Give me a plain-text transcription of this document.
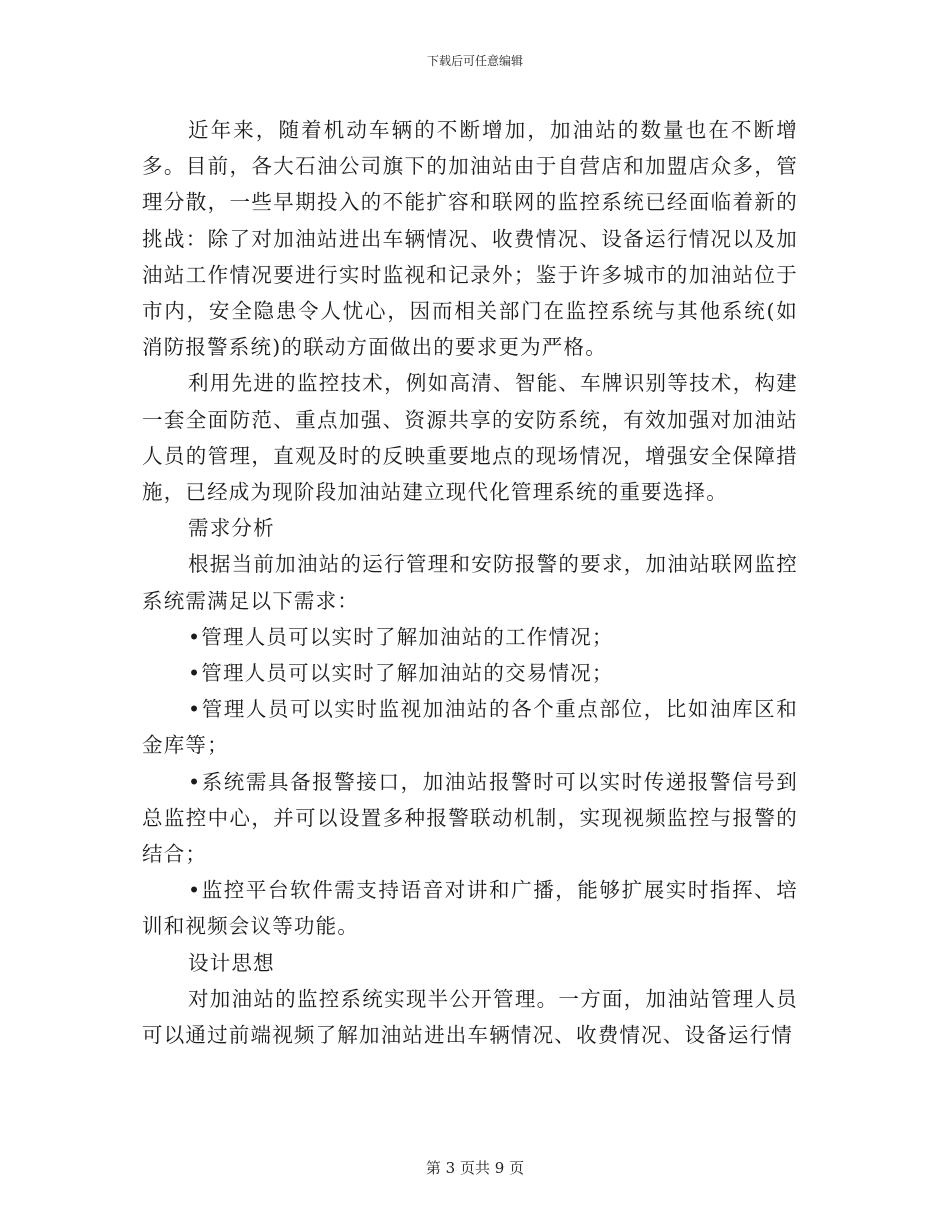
下载后可任意编辑

近年来，随着机动车辆的不断增加，加油站的数量也在不断增多。目前，各大石油公司旗下的加油站由于自营店和加盟店众多，管理分散，一些早期投入的不能扩容和联网的监控系统已经面临着新的挑战：除了对加油站进出车辆情况、收费情况、设备运行情况以及加油站工作情况要进行实时监视和记录外；鉴于许多城市的加油站位于市内，安全隐患令人忧心，因而相关部门在监控系统与其他系统(如消防报警系统)的联动方面做出的要求更为严格。

利用先进的监控技术，例如高清、智能、车牌识别等技术，构建一套全面防范、重点加强、资源共享的安防系统，有效加强对加油站人员的管理，直观及时的反映重要地点的现场情况，增强安全保障措施，已经成为现阶段加油站建立现代化管理系统的重要选择。

需求分析

根据当前加油站的运行管理和安防报警的要求，加油站联网监控系统需满足以下需求：

•管理人员可以实时了解加油站的工作情况；

•管理人员可以实时了解加油站的交易情况；

•管理人员可以实时监视加油站的各个重点部位，比如油库区和金库等；

•系统需具备报警接口，加油站报警时可以实时传递报警信号到总监控中心，并可以设置多种报警联动机制，实现视频监控与报警的结合；

•监控平台软件需支持语音对讲和广播，能够扩展实时指挥、培训和视频会议等功能。

设计思想

对加油站的监控系统实现半公开管理。一方面，加油站管理人员可以通过前端视频了解加油站进出车辆情况、收费情况、设备运行情

第 3 页共 9 页
